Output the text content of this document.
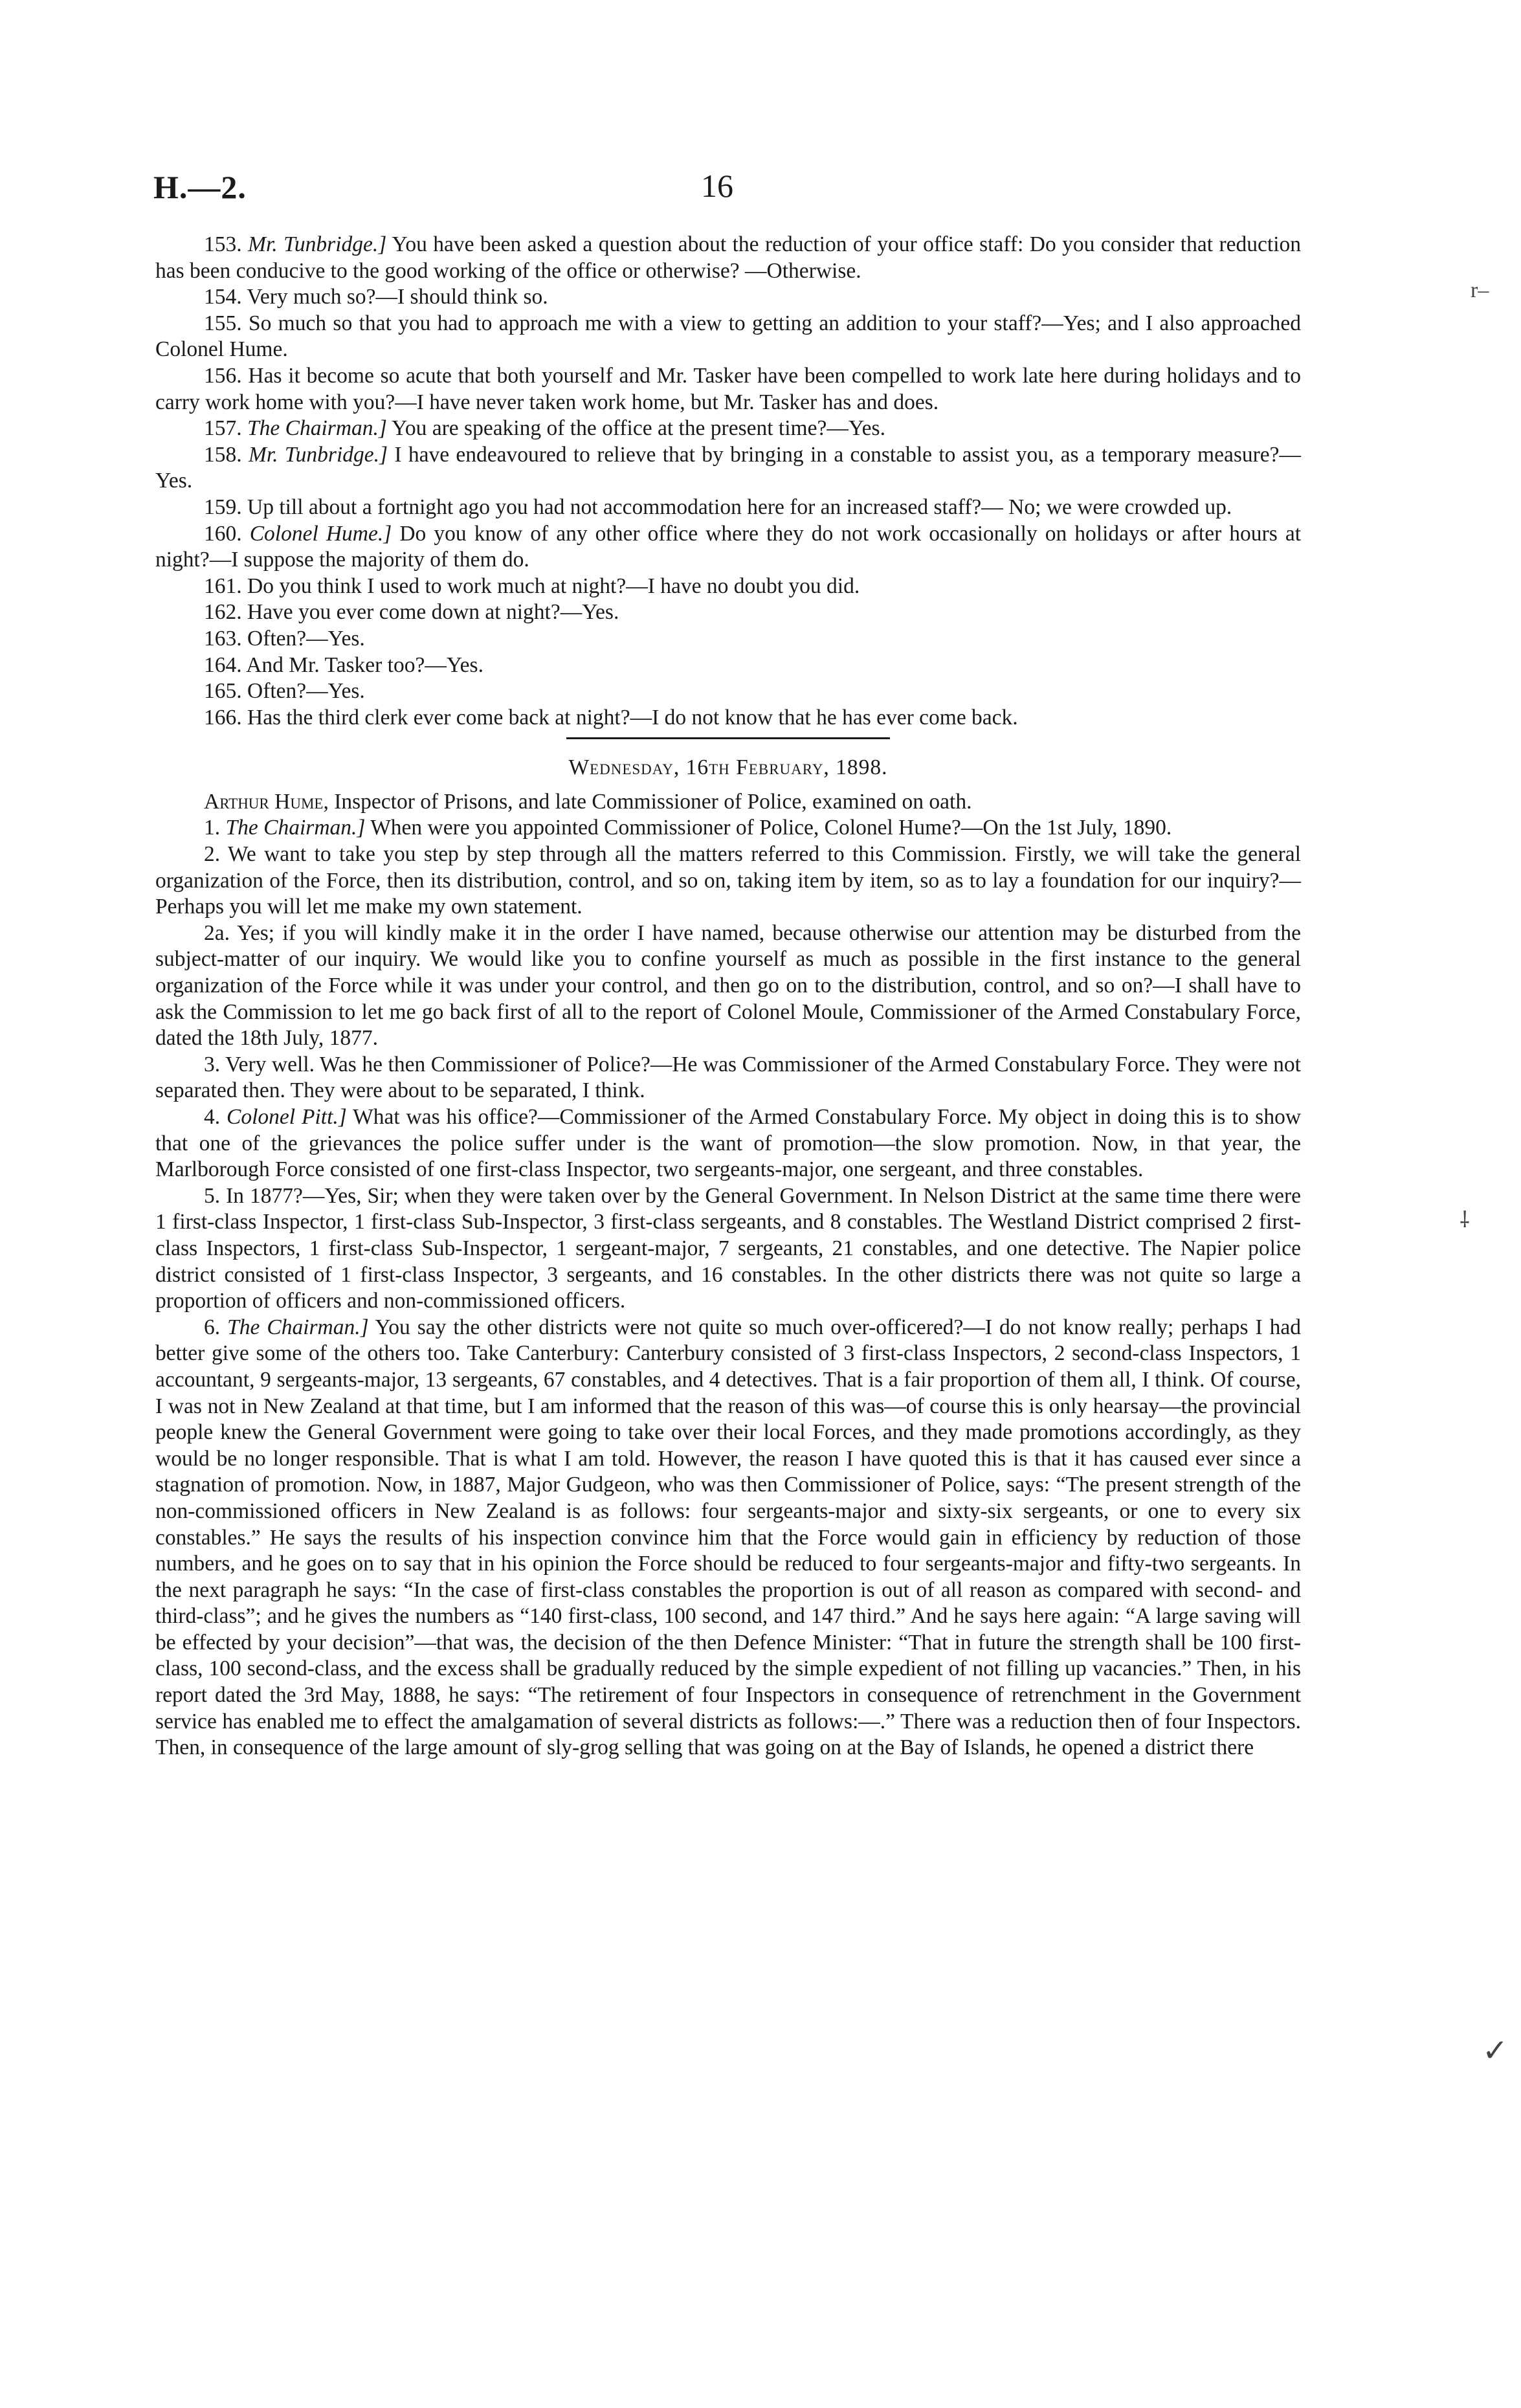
H.—2.	16
r‒
⸸
✓

153. Mr. Tunbridge.] You have been asked a question about the reduction of your office staff: Do you consider that reduction has been conducive to the good working of the office or otherwise? —Otherwise.

154. Very much so?—I should think so.

155. So much so that you had to approach me with a view to getting an addition to your staff?—Yes; and I also approached Colonel Hume.

156. Has it become so acute that both yourself and Mr. Tasker have been compelled to work late here during holidays and to carry work home with you?—I have never taken work home, but Mr. Tasker has and does.

157. The Chairman.] You are speaking of the office at the present time?—Yes.

158. Mr. Tunbridge.] I have endeavoured to relieve that by bringing in a constable to assist you, as a temporary measure?—Yes.

159. Up till about a fortnight ago you had not accommodation here for an increased staff?— No; we were crowded up.

160. Colonel Hume.] Do you know of any other office where they do not work occasionally on holidays or after hours at night?—I suppose the majority of them do.

161. Do you think I used to work much at night?—I have no doubt you did.

162. Have you ever come down at night?—Yes.

163. Often?—Yes.

164. And Mr. Tasker too?—Yes.

165. Often?—Yes.

166. Has the third clerk ever come back at night?—I do not know that he has ever come back.

Wednesday, 16th February, 1898.

Arthur Hume, Inspector of Prisons, and late Commissioner of Police, examined on oath.

1. The Chairman.] When were you appointed Commissioner of Police, Colonel Hume?—On the 1st July, 1890.

2. We want to take you step by step through all the matters referred to this Commission. Firstly, we will take the general organization of the Force, then its distribution, control, and so on, taking item by item, so as to lay a foundation for our inquiry?—Perhaps you will let me make my own statement.

2a. Yes; if you will kindly make it in the order I have named, because otherwise our attention may be disturbed from the subject-matter of our inquiry. We would like you to confine yourself as much as possible in the first instance to the general organization of the Force while it was under your control, and then go on to the distribution, control, and so on?—I shall have to ask the Commission to let me go back first of all to the report of Colonel Moule, Commissioner of the Armed Constabulary Force, dated the 18th July, 1877.

3. Very well. Was he then Commissioner of Police?—He was Commissioner of the Armed Constabulary Force. They were not separated then. They were about to be separated, I think.

4. Colonel Pitt.] What was his office?—Commissioner of the Armed Constabulary Force. My object in doing this is to show that one of the grievances the police suffer under is the want of promotion—the slow promotion. Now, in that year, the Marlborough Force consisted of one first-class Inspector, two sergeants-major, one sergeant, and three constables.

5. In 1877?—Yes, Sir; when they were taken over by the General Government. In Nelson District at the same time there were 1 first-class Inspector, 1 first-class Sub-Inspector, 3 first-class sergeants, and 8 constables. The Westland District comprised 2 first-class Inspectors, 1 first-class Sub-Inspector, 1 sergeant-major, 7 sergeants, 21 constables, and one detective. The Napier police district consisted of 1 first-class Inspector, 3 sergeants, and 16 constables. In the other districts there was not quite so large a proportion of officers and non-commissioned officers.

6. The Chairman.] You say the other districts were not quite so much over-officered?—I do not know really; perhaps I had better give some of the others too. Take Canterbury: Canterbury consisted of 3 first-class Inspectors, 2 second-class Inspectors, 1 accountant, 9 sergeants-major, 13 sergeants, 67 constables, and 4 detectives. That is a fair proportion of them all, I think. Of course, I was not in New Zealand at that time, but I am informed that the reason of this was—of course this is only hearsay—the provincial people knew the General Government were going to take over their local Forces, and they made promotions accordingly, as they would be no longer responsible. That is what I am told. However, the reason I have quoted this is that it has caused ever since a stagnation of promotion. Now, in 1887, Major Gudgeon, who was then Commissioner of Police, says: “The present strength of the non-commissioned officers in New Zealand is as follows: four sergeants-major and sixty-six sergeants, or one to every six constables.” He says the results of his inspection convince him that the Force would gain in efficiency by reduction of those numbers, and he goes on to say that in his opinion the Force should be reduced to four sergeants-major and fifty-two sergeants. In the next paragraph he says: “In the case of first-class constables the proportion is out of all reason as compared with second- and third-class”; and he gives the numbers as “140 first-class, 100 second, and 147 third.” And he says here again: “A large saving will be effected by your decision”—that was, the decision of the then Defence Minister: “That in future the strength shall be 100 first-class, 100 second-class, and the excess shall be gradually reduced by the simple expedient of not filling up vacancies.” Then, in his report dated the 3rd May, 1888, he says: “The retirement of four Inspectors in consequence of retrenchment in the Government service has enabled me to effect the amalgamation of several districts as follows:—.” There was a reduction then of four Inspectors. Then, in consequence of the large amount of sly-grog selling that was going on at the Bay of Islands, he opened a district there
